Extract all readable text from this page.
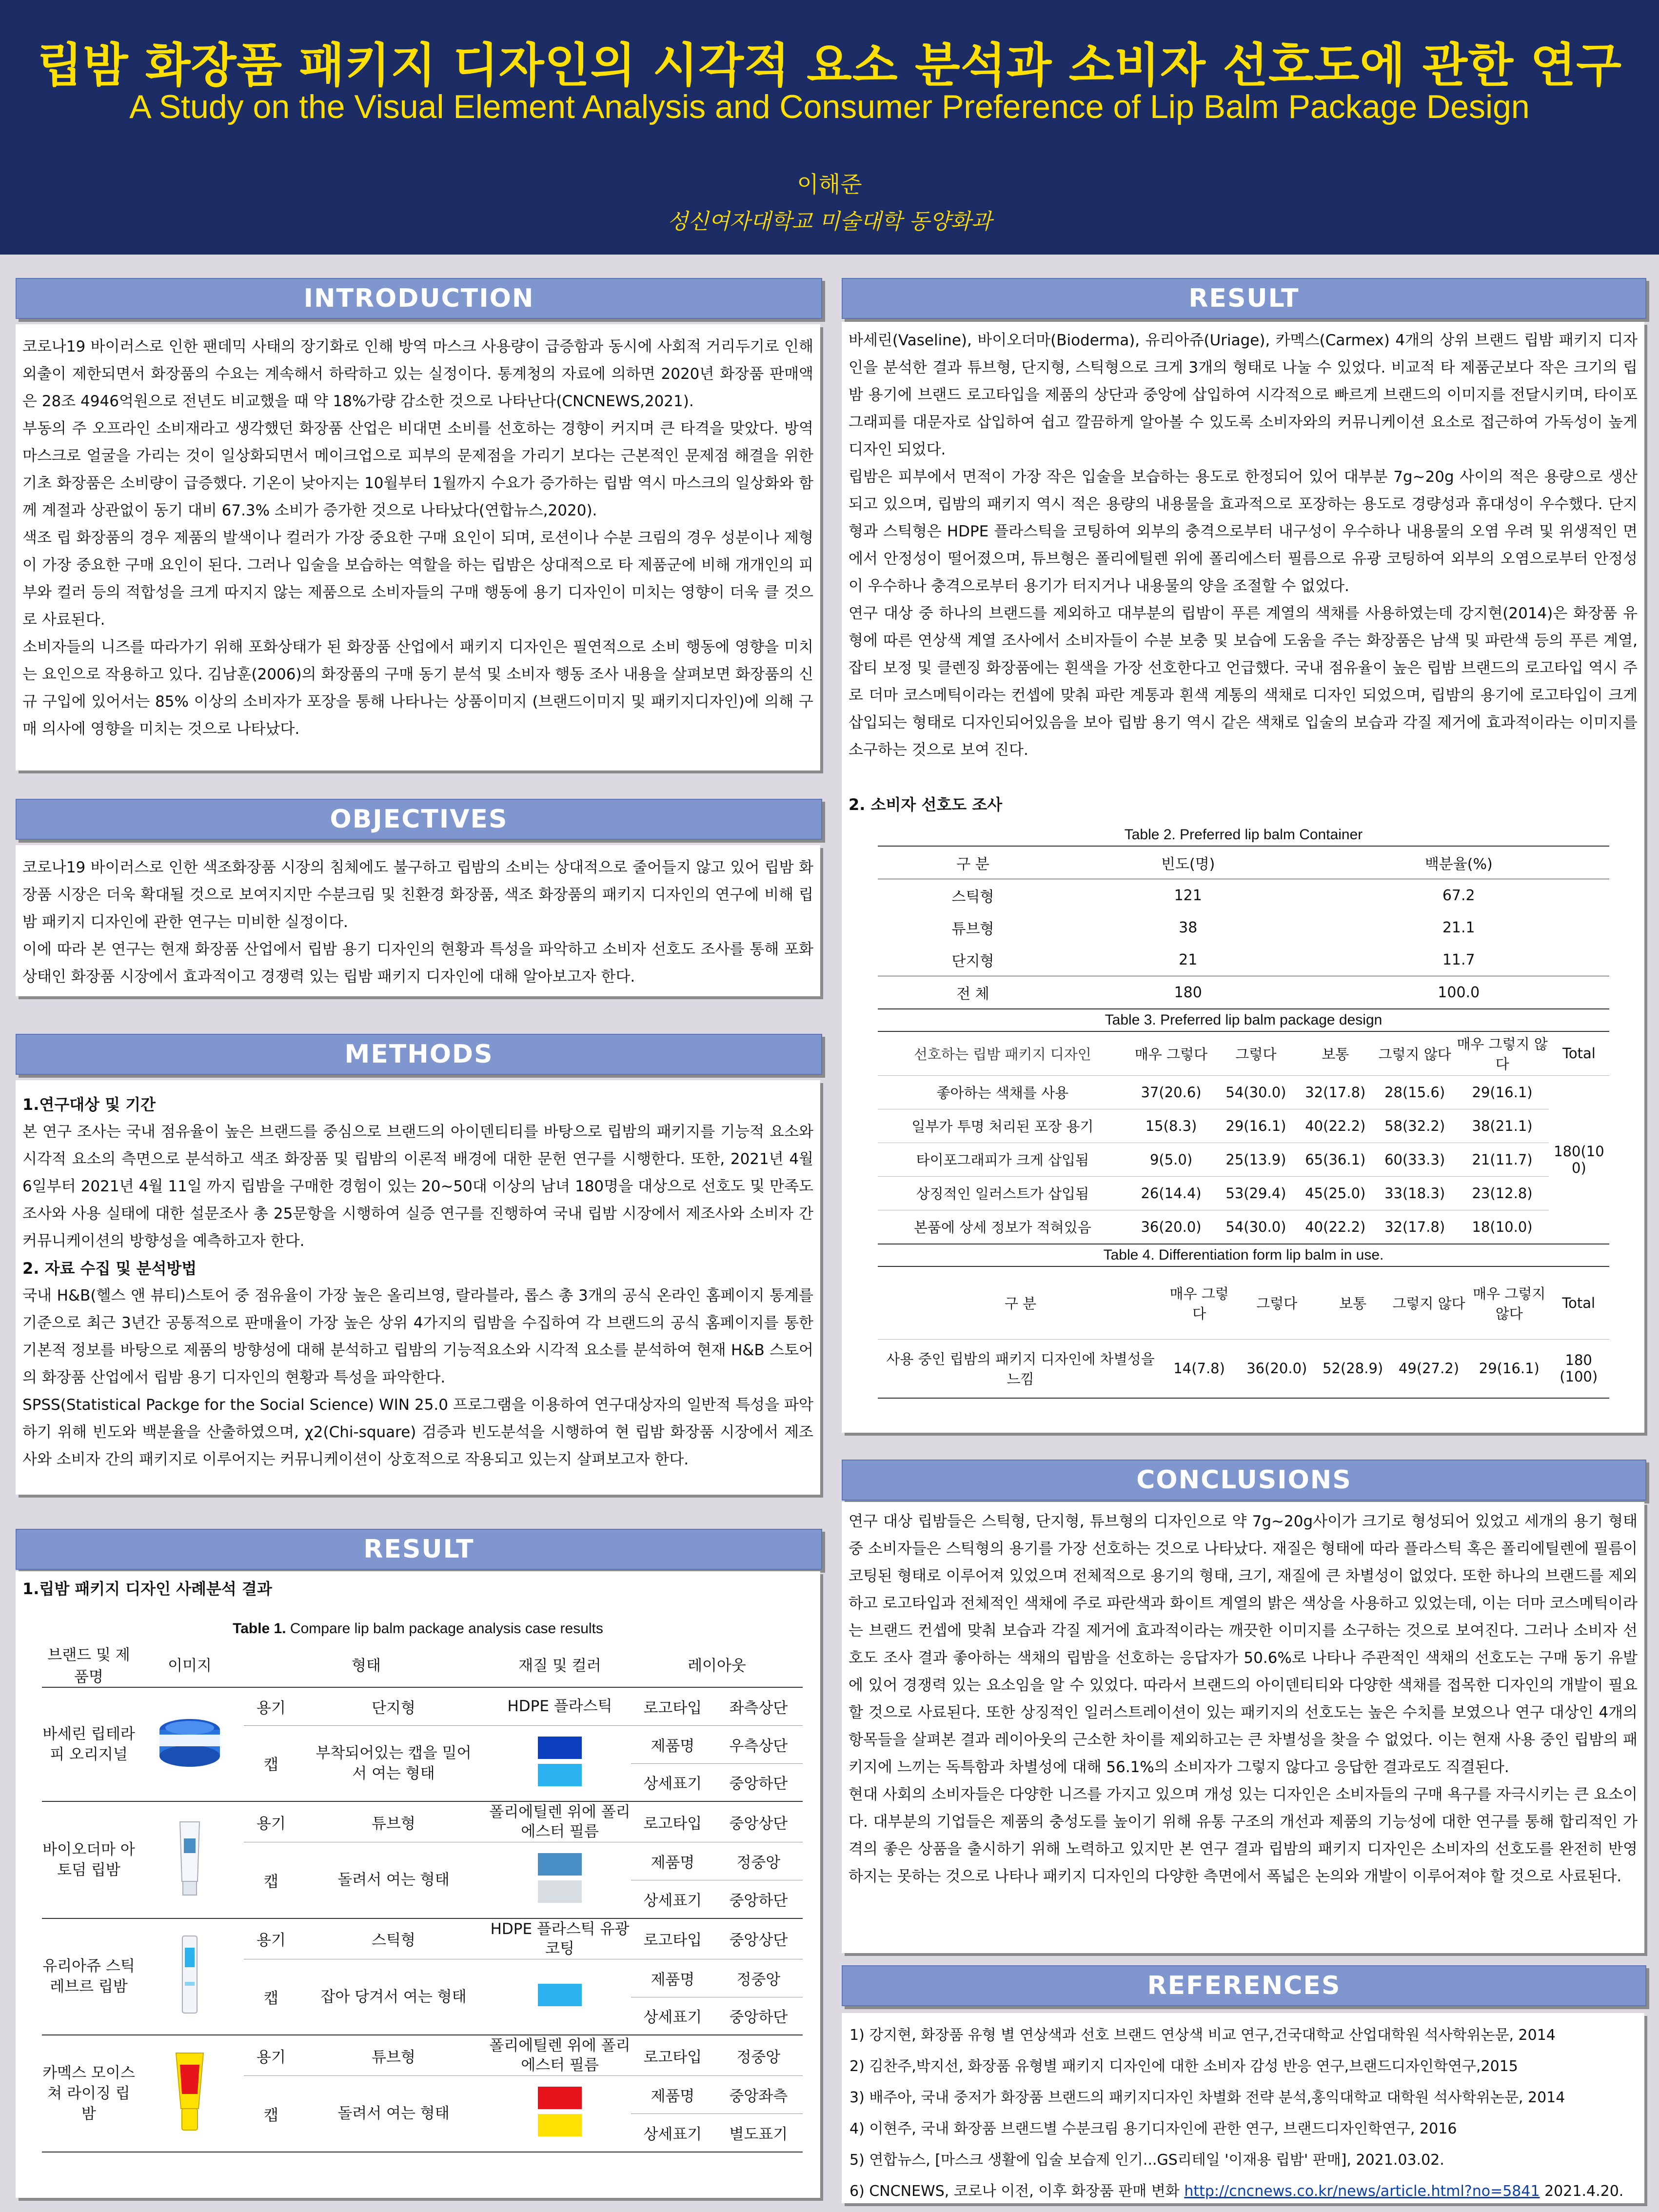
립밤 화장품 패키지 디자인의 시각적 요소 분석과 소비자 선호도에 관한 연구
A Study on the Visual Element Analysis and Consumer Preference of Lip Balm Package Design
이해준
성신여자대학교 미술대학 동양화과
INTRODUCTION

코로나19 바이러스로 인한 팬데믹 사태의 장기화로 인해 방역 마스크 사용량이 급증함과 동시에 사회적 거리두기로 인해 외출이 제한되면서 화장품의 수요는 계속해서 하락하고 있는 실정이다. 통계청의 자료에 의하면 2020년 화장품 판매액은 28조 4946억원으로 전년도 비교했을 때 약 18%가량 감소한 것으로 나타난다(CNCNEWS,2021).

부동의 주 오프라인 소비재라고 생각했던 화장품 산업은 비대면 소비를 선호하는 경향이 커지며 큰 타격을 맞았다. 방역 마스크로 얼굴을 가리는 것이 일상화되면서 메이크업으로 피부의 문제점을 가리기 보다는 근본적인 문제점 해결을 위한 기초 화장품은 소비량이 급증했다. 기온이 낮아지는 10월부터 1월까지 수요가 증가하는 립밤 역시 마스크의 일상화와 함께 계절과 상관없이 동기 대비 67.3% 소비가 증가한 것으로 나타났다(연합뉴스,2020).

색조 립 화장품의 경우 제품의 발색이나 컬러가 가장 중요한 구매 요인이 되며, 로션이나 수분 크림의 경우 성분이나 제형이 가장 중요한 구매 요인이 된다. 그러나 입술을 보습하는 역할을 하는 립밤은 상대적으로 타 제품군에 비해 개개인의 피부와 컬러 등의 적합성을 크게 따지지 않는 제품으로 소비자들의 구매 행동에 용기 디자인이 미치는 영향이 더욱 클 것으로 사료된다.

소비자들의 니즈를 따라가기 위해 포화상태가 된 화장품 산업에서 패키지 디자인은 필연적으로 소비 행동에 영향을 미치는 요인으로 작용하고 있다. 김남훈(2006)의 화장품의 구매 동기 분석 및 소비자 행동 조사 내용을 살펴보면 화장품의 신규 구입에 있어서는 85% 이상의 소비자가 포장을 통해 나타나는 상품이미지 (브랜드이미지 및 패키지디자인)에 의해 구매 의사에 영향을 미치는 것으로 나타났다.

OBJECTIVES

코로나19 바이러스로 인한 색조화장품 시장의 침체에도 불구하고 립밤의 소비는 상대적으로 줄어들지 않고 있어 립밤 화장품 시장은 더욱 확대될 것으로 보여지지만 수분크림 및 친환경 화장품, 색조 화장품의 패키지 디자인의 연구에 비해 립밤 패키지 디자인에 관한 연구는 미비한 실정이다.

이에 따라 본 연구는 현재 화장품 산업에서 립밤 용기 디자인의 현황과 특성을 파악하고 소비자 선호도 조사를 통해 포화상태인 화장품 시장에서 효과적이고 경쟁력 있는 립밤 패키지 디자인에 대해 알아보고자 한다.

METHODS

1.연구대상 및 기간

본 연구 조사는 국내 점유율이 높은 브랜드를 중심으로 브랜드의 아이덴티티를 바탕으로 립밤의 패키지를 기능적 요소와 시각적 요소의 측면으로 분석하고 색조 화장품 및 립밤의 이론적 배경에 대한 문헌 연구를 시행한다. 또한, 2021년 4월 6일부터 2021년 4월 11일 까지 립밤을 구매한 경험이 있는 20~50대 이상의 남녀 180명을 대상으로 선호도 및 만족도 조사와 사용 실태에 대한 설문조사 총 25문항을 시행하여 실증 연구를 진행하여 국내 립밤 시장에서 제조사와 소비자 간 커뮤니케이션의 방향성을 예측하고자 한다.

2. 자료 수집 및 분석방법

국내 H&B(헬스 앤 뷰티)스토어 중 점유율이 가장 높은 올리브영, 랄라블라, 롭스 총 3개의 공식 온라인 홈페이지 통계를 기준으로 최근 3년간 공통적으로 판매율이 가장 높은 상위 4가지의 립밤을 수집하여 각 브랜드의 공식 홈페이지를 통한 기본적 정보를 바탕으로 제품의 방향성에 대해 분석하고 립밤의 기능적요소와 시각적 요소를 분석하여 현재 H&B 스토어의 화장품 산업에서 립밤 용기 디자인의 현황과 특성을 파악한다.

SPSS(Statistical Packge for the Social Science) WIN 25.0 프로그램을 이용하여 연구대상자의 일반적 특성을 파악하기 위해 빈도와 백분율을 산출하였으며, χ2(Chi-square) 검증과 빈도분석을 시행하여 현 립밤 화장품 시장에서 제조사와 소비자 간의 패키지로 이루어지는 커뮤니케이션이 상호적으로 작용되고 있는지 살펴보고자 한다.

RESULT

1.립밤 패키지 디자인 사례분석 결과

Table 1. Compare lip balm package analysis case results
브랜드 및 제품명	이미지	형태		재질 및 컬러	레이아웃	
바세린 립테라피 오리지널		용기	단지형	HDPE 플라스틱	로고타입	좌측상단
		캡	부착되어있는 캡을 밀어서 여는 형태		제품명	우측상단
					상세표기	중앙하단
바이오더마 아토덤 립밤		용기	튜브형	폴리에틸렌 위에 폴리에스터 필름	로고타입	중앙상단
		캡	돌려서 여는 형태		제품명	정중앙
					상세표기	중앙하단
유리아쥬 스틱 레브르 립밤		용기	스틱형	HDPE 플라스틱 유광 코팅	로고타입	중앙상단
		캡	잡아 당겨서 여는 형태		제품명	정중앙
					상세표기	중앙하단
카멕스 모이스쳐 라이징 립밤		용기	튜브형	폴리에틸렌 위에 폴리에스터 필름	로고타입	정중앙
		캡	돌려서 여는 형태		제품명	중앙좌측
					상세표기	별도표기
RESULT

바세린(Vaseline), 바이오더마(Bioderma), 유리아쥬(Uriage), 카멕스(Carmex) 4개의 상위 브랜드 립밤 패키지 디자인을 분석한 결과 튜브형, 단지형, 스틱형으로 크게 3개의 형태로 나눌 수 있었다. 비교적 타 제품군보다 작은 크기의 립밤 용기에 브랜드 로고타입을 제품의 상단과 중앙에 삽입하여 시각적으로 빠르게 브랜드의 이미지를 전달시키며, 타이포그래피를 대문자로 삽입하여 쉽고 깔끔하게 알아볼 수 있도록 소비자와의 커뮤니케이션 요소로 접근하여 가독성이 높게 디자인 되었다.

립밤은 피부에서 면적이 가장 작은 입술을 보습하는 용도로 한정되어 있어 대부분 7g~20g 사이의 적은 용량으로 생산되고 있으며, 립밤의 패키지 역시 적은 용량의 내용물을 효과적으로 포장하는 용도로 경량성과 휴대성이 우수했다. 단지형과 스틱형은 HDPE 플라스틱을 코팅하여 외부의 충격으로부터 내구성이 우수하나 내용물의 오염 우려 및 위생적인 면에서 안정성이 떨어졌으며, 튜브형은 폴리에틸렌 위에 폴리에스터 필름으로 유광 코팅하여 외부의 오염으로부터 안정성이 우수하나 충격으로부터 용기가 터지거나 내용물의 양을 조절할 수 없었다.

연구 대상 중 하나의 브랜드를 제외하고 대부분의 립밤이 푸른 계열의 색채를 사용하였는데 강지현(2014)은 화장품 유형에 따른 연상색 계열 조사에서 소비자들이 수분 보충 및 보습에 도움을 주는 화장품은 남색 및 파란색 등의 푸른 계열, 잡티 보정 및 클렌징 화장품에는 흰색을 가장 선호한다고 언급했다. 국내 점유율이 높은 립밤 브랜드의 로고타입 역시 주로 더마 코스메틱이라는 컨셉에 맞춰 파란 계통과 흰색 계통의 색채로 디자인 되었으며, 립밤의 용기에 로고타입이 크게 삽입되는 형태로 디자인되어있음을 보아 립밤 용기 역시 같은 색채로 입술의 보습과 각질 제거에 효과적이라는 이미지를 소구하는 것으로 보여 진다.

2. 소비자 선호도 조사

Table 2. Preferred lip balm Container
구 분	빈도(명)	백분율(%)
스틱형	121	67.2
튜브형	38	21.1
단지형	21	11.7
전 체	180	100.0
Table 3. Preferred lip balm package design
선호하는 립밤 패키지 디자인	매우 그렇다	그렇다	보통	그렇지 않다	매우 그렇지 않다	Total
좋아하는 색채를 사용	37(20.6)	54(30.0)	32(17.8)	28(15.6)	29(16.1)	180(100)
일부가 투명 처리된 포장 용기	15(8.3)	29(16.1)	40(22.2)	58(32.2)	38(21.1)	
타이포그래피가 크게 삽입됨	9(5.0)	25(13.9)	65(36.1)	60(33.3)	21(11.7)	
상징적인 일러스트가 삽입됨	26(14.4)	53(29.4)	45(25.0)	33(18.3)	23(12.8)	
본품에 상세 정보가 적혀있음	36(20.0)	54(30.0)	40(22.2)	32(17.8)	18(10.0)	
Table 4. Differentiation form lip balm in use.
구 분	매우 그렇다	그렇다	보통	그렇지 않다	매우 그렇지 않다	Total
사용 중인 립밤의 패키지 디자인에 차별성을 느낌	14(7.8)	36(20.0)	52(28.9)	49(27.2)	29(16.1)	180 (100)
CONCLUSIONS

연구 대상 립밤들은 스틱형, 단지형, 튜브형의 디자인으로 약 7g~20g사이가 크기로 형성되어 있었고 세개의 용기 형태 중 소비자들은 스틱형의 용기를 가장 선호하는 것으로 나타났다. 재질은 형태에 따라 플라스틱 혹은 폴리에틸렌에 필름이 코팅된 형태로 이루어져 있었으며 전체적으로 용기의 형태, 크기, 재질에 큰 차별성이 없었다. 또한 하나의 브랜드를 제외하고 로고타입과 전체적인 색채에 주로 파란색과 화이트 계열의 밝은 색상을 사용하고 있었는데, 이는 더마 코스메틱이라는 브랜드 컨셉에 맞춰 보습과 각질 제거에 효과적이라는 깨끗한 이미지를 소구하는 것으로 보여진다. 그러나 소비자 선호도 조사 결과 좋아하는 색채의 립밤을 선호하는 응답자가 50.6%로 나타나 주관적인 색채의 선호도는 구매 동기 유발에 있어 경쟁력 있는 요소임을 알 수 있었다. 따라서 브랜드의 아이덴티티와 다양한 색채를 접목한 디자인의 개발이 필요할 것으로 사료된다. 또한 상징적인 일러스트레이션이 있는 패키지의 선호도는 높은 수치를 보였으나 연구 대상인 4개의 항목들을 살펴본 결과 레이아웃의 근소한 차이를 제외하고는 큰 차별성을 찾을 수 없었다. 이는 현재 사용 중인 립밤의 패키지에 느끼는 독특함과 차별성에 대해 56.1%의 소비자가 그렇지 않다고 응답한 결과로도 직결된다.

현대 사회의 소비자들은 다양한 니즈를 가지고 있으며 개성 있는 디자인은 소비자들의 구매 욕구를 자극시키는 큰 요소이다. 대부분의 기업들은 제품의 충성도를 높이기 위해 유통 구조의 개선과 제품의 기능성에 대한 연구를 통해 합리적인 가격의 좋은 상품을 출시하기 위해 노력하고 있지만 본 연구 결과 립밤의 패키지 디자인은 소비자의 선호도를 완전히 반영하지는 못하는 것으로 나타나 패키지 디자인의 다양한 측면에서 폭넓은 논의와 개발이 이루어져야 할 것으로 사료된다.

REFERENCES

1) 강지현, 화장품 유형 별 연상색과 선호 브랜드 연상색 비교 연구,건국대학교 산업대학원 석사학위논문, 2014

2) 김찬주,박지선, 화장품 유형별 패키지 디자인에 대한 소비자 감성 반응 연구,브랜드디자인학연구,2015

3) 배주아, 국내 중저가 화장품 브랜드의 패키지디자인 차별화 전략 분석,홍익대학교 대학원 석사학위논문, 2014

4) 이현주, 국내 화장품 브랜드별 수분크림 용기디자인에 관한 연구, 브랜드디자인학연구, 2016

5) 연합뉴스, [마스크 생활에 입술 보습제 인기...GS리테일 '이재용 립밤' 판매], 2021.03.02.

6) CNCNEWS, 코로나 이전, 이후 화장품 판매 변화 http://cncnews.co.kr/news/article.html?no=5841 2021.4.20.
